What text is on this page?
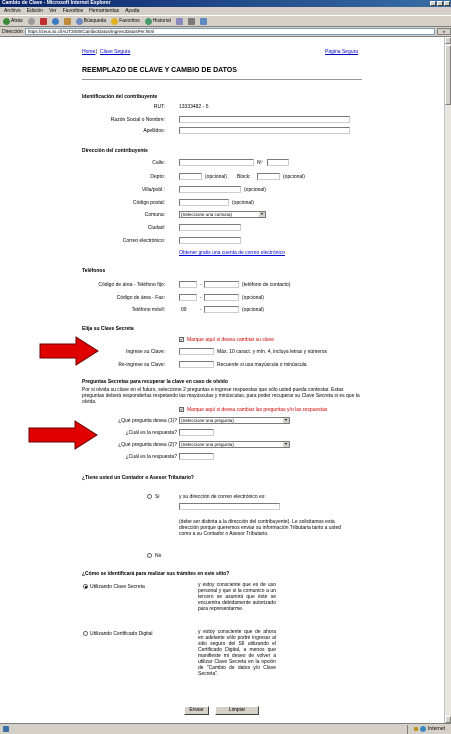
Cambio de Clave - Microsoft Internet Explorer
Archivo Edición Ver Favoritos Herramientas Ayuda
Atrás	Búsqueda	Favoritos	Historial
Dirección	https://zeus.sii.cl/AUT2000/CambioDatos/IngresoDatosPer.html	Ir
Home | Clave Segura	Página Segura
REEMPLAZO DE CLAVE Y CAMBIO DE DATOS
Identificación del contribuyente
RUT:	13333482 - 5
Razón Social o Nombre:
Apellidos:
Dirección del contribuyente
Calle:	Nº
Depto:	(opcional) Block:	(opcional)
Villa/pobl.:	(opcional)
Código postal:	(opcional)
Comuna:	(Seleccione una comuna) ▼
Ciudad:
Correo electrónico:
Obtener gratis una cuenta de correo electrónico
Teléfonos
Código de área - Teléfono fijo:	-	(teléfono de contacto)
Código de área - Fax:	-	(opcional)
Teléfono móvil:	09	-	(opcional)
Elija su Clave Secreta
✔ Marque aquí si desea cambiar su clave
Ingrese su Clave:	Máx. 10 caract. y mín. 4, incluya letras y números
Re-ingrese su Clave:	Recuerde si usa mayúscula o minúscula
Preguntas Secretas para recuperar la clave en caso de olvido
Por si olvida su clave en el futuro, seleccione 2 preguntas e ingrese respuestas que sólo usted pueda contestar. Estas preguntas deberá responderlas respetando las mayúsculas y minúsculas, para poder recuperar su Clave Secreta si es que la olvida.
✔ Marque aquí si desea cambiar las preguntas y/o las respuestas
¿Qué pregunta desea (1)? (Seleccione una pregunta) ▼
¿Cuál es la respuesta?
¿Qué pregunta desea (2)? (Seleccione una pregunta) ▼
¿Cuál es la respuesta?
¿Tiene usted un Contador o Asesor Tributario?
Si	y su dirección de correo electrónico es:
(debe ser distinta a la dirección del contribuyente). Le solicitamos esta dirección porque queremos enviar su información Tributaria tanto a usted como a su Contador o Asesor Tributario.
No
¿Cómo se identificará para realizar sus trámites en este sitio?
Utilizando Clave Secreta	y estoy consciente que es de uso personal y que si la comunico a un tercero se asumirá que éste se encuentra debidamente autorizado para representarme.
Utilizando Certificado Digital	y estoy consciente que de ahora en adelante sólo podré ingresar al sitio seguro del SII utilizando el Certificado Digital, a menos que manifieste mi deseo de volver a utilizar Clave Secreta en la opción de "Cambio de datos y/o Clave Secreta".
Enviar	Limpiar
Internet
